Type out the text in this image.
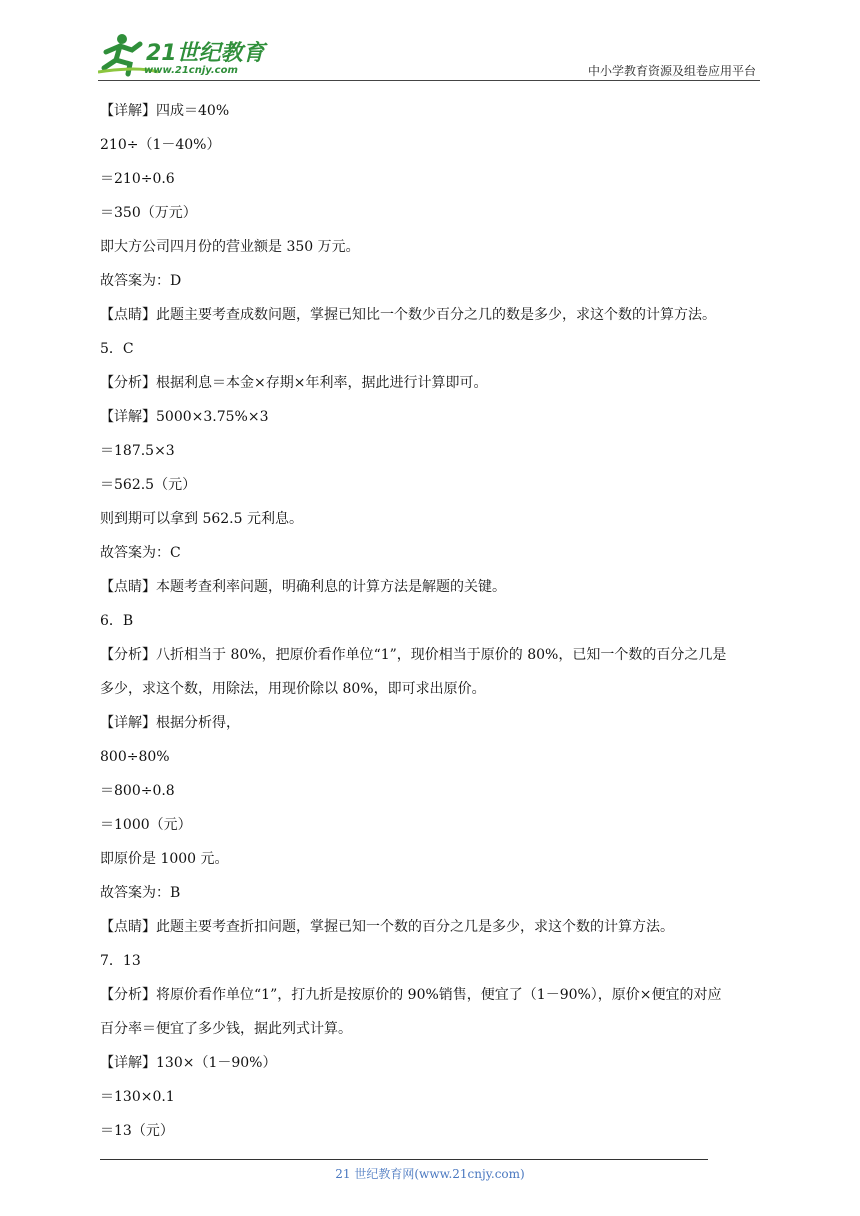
21世纪教育
www.21cnjy.com	中小学教育资源及组卷应用平台
【详解】四成＝40%
210÷（1－40%）
＝210÷0.6
＝350（万元）
即大方公司四月份的营业额是 350 万元。
故答案为：D
【点睛】此题主要考查成数问题，掌握已知比一个数少百分之几的数是多少，求这个数的计算方法。
5．C
【分析】根据利息＝本金×存期×年利率，据此进行计算即可。
【详解】5000×3.75%×3
＝187.5×3
＝562.5（元）
则到期可以拿到 562.5 元利息。
故答案为：C
【点睛】本题考查利率问题，明确利息的计算方法是解题的关键。
6．B
【分析】八折相当于 80%，把原价看作单位“1”，现价相当于原价的 80%，已知一个数的百分之几是
多少，求这个数，用除法，用现价除以 80%，即可求出原价。
【详解】根据分析得，
800÷80%
＝800÷0.8
＝1000（元）
即原价是 1000 元。
故答案为：B
【点睛】此题主要考查折扣问题，掌握已知一个数的百分之几是多少，求这个数的计算方法。
7．13
【分析】将原价看作单位“1”，打九折是按原价的 90%销售，便宜了（1－90%），原价×便宜的对应
百分率＝便宜了多少钱，据此列式计算。
【详解】130×（1－90%）
＝130×0.1
＝13（元）
21 世纪教育网(www.21cnjy.com)
